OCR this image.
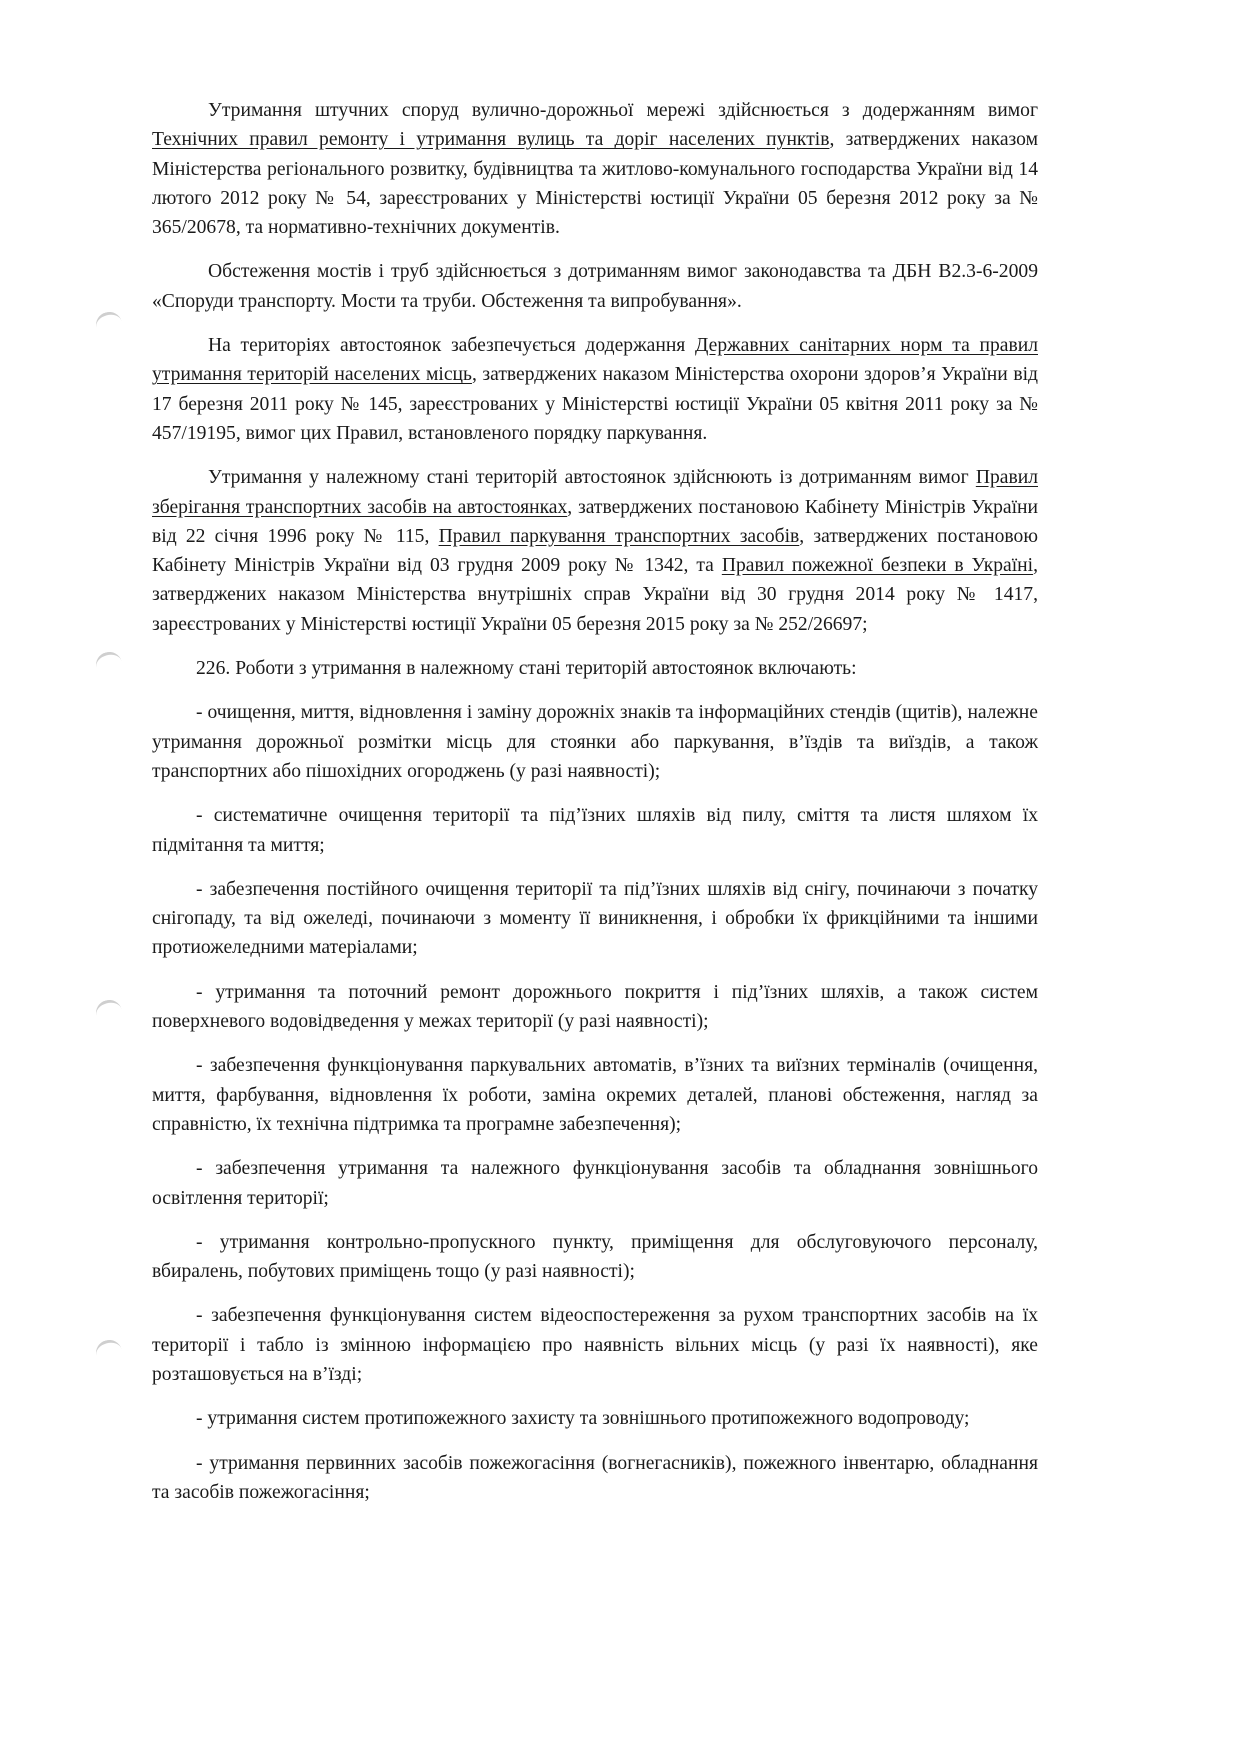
Утримання штучних споруд вулично-дорожньої мережі здійснюється з додержанням вимог Технічних правил ремонту і утримання вулиць та доріг населених пунктів, затверджених наказом Міністерства регіонального розвитку, будівництва та житлово-комунального господарства України від 14 лютого 2012 року № 54, зареєстрованих у Міністерстві юстиції України 05 березня 2012 року за № 365/20678, та нормативно-технічних документів.

Обстеження мостів і труб здійснюється з дотриманням вимог законодавства та ДБН В2.3-6-2009 «Споруди транспорту. Мости та труби. Обстеження та випробування».

На територіях автостоянок забезпечується додержання Державних санітарних норм та правил утримання територій населених місць, затверджених наказом Міністерства охорони здоров’я України від 17 березня 2011 року № 145, зареєстрованих у Міністерстві юстиції України 05 квітня 2011 року за № 457/19195, вимог цих Правил, встановленого порядку паркування.

Утримання у належному стані територій автостоянок здійснюють із дотриманням вимог Правил зберігання транспортних засобів на автостоянках, затверджених постановою Кабінету Міністрів України від 22 січня 1996 року № 115, Правил паркування транспортних засобів, затверджених постановою Кабінету Міністрів України від 03 грудня 2009 року № 1342, та Правил пожежної безпеки в Україні, затверджених наказом Міністерства внутрішніх справ України від 30 грудня 2014 року № 1417, зареєстрованих у Міністерстві юстиції України 05 березня 2015 року за № 252/26697;

226. Роботи з утримання в належному стані територій автостоянок включають:

- очищення, миття, відновлення і заміну дорожніх знаків та інформаційних стендів (щитів), належне утримання дорожньої розмітки місць для стоянки або паркування, в’їздів та виїздів, а також транспортних або пішохідних огороджень (у разі наявності);

- систематичне очищення території та під’їзних шляхів від пилу, сміття та листя шляхом їх підмітання та миття;

- забезпечення постійного очищення території та під’їзних шляхів від снігу, починаючи з початку снігопаду, та від ожеледі, починаючи з моменту її виникнення, і обробки їх фрикційними та іншими протиожеледними матеріалами;

- утримання та поточний ремонт дорожнього покриття і під’їзних шляхів, а також систем поверхневого водовідведення у межах території (у разі наявності);

- забезпечення функціонування паркувальних автоматів, в’їзних та виїзних терміналів (очищення, миття, фарбування, відновлення їх роботи, заміна окремих деталей, планові обстеження, нагляд за справністю, їх технічна підтримка та програмне забезпечення);

- забезпечення утримання та належного функціонування засобів та обладнання зовнішнього освітлення території;

- утримання контрольно-пропускного пункту, приміщення для обслуговуючого персоналу, вбиралень, побутових приміщень тощо (у разі наявності);

- забезпечення функціонування систем відеоспостереження за рухом транспортних засобів на їх території і табло із змінною інформацією про наявність вільних місць (у разі їх наявності), яке розташовується на в’їзді;

- утримання систем протипожежного захисту та зовнішнього протипожежного водопроводу;

- утримання первинних засобів пожежогасіння (вогнегасників), пожежного інвентарю, обладнання та засобів пожежогасіння;
